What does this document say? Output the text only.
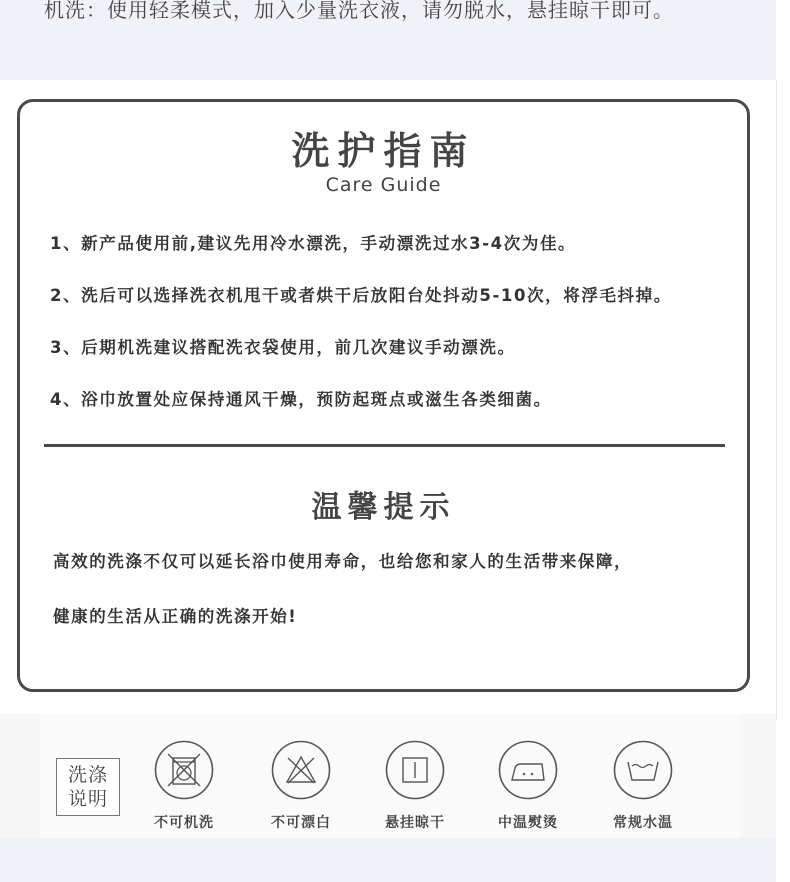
机洗：使用轻柔模式，加入少量洗衣液，请勿脱水，悬挂晾干即可。
洗护指南
Care Guide
1、新产品使用前,建议先用冷水漂洗，手动漂洗过水3-4次为佳。
2、洗后可以选择洗衣机甩干或者烘干后放阳台处抖动5-10次，将浮毛抖掉。
3、后期机洗建议搭配洗衣袋使用，前几次建议手动漂洗。
4、浴巾放置处应保持通风干燥，预防起斑点或滋生各类细菌。
温馨提示
高效的洗涤不仅可以延长浴巾使用寿命，也给您和家人的生活带来保障，
健康的生活从正确的洗涤开始!
洗涤
说明
不可机洗	不可漂白	悬挂晾干	中温熨烫	常规水温
